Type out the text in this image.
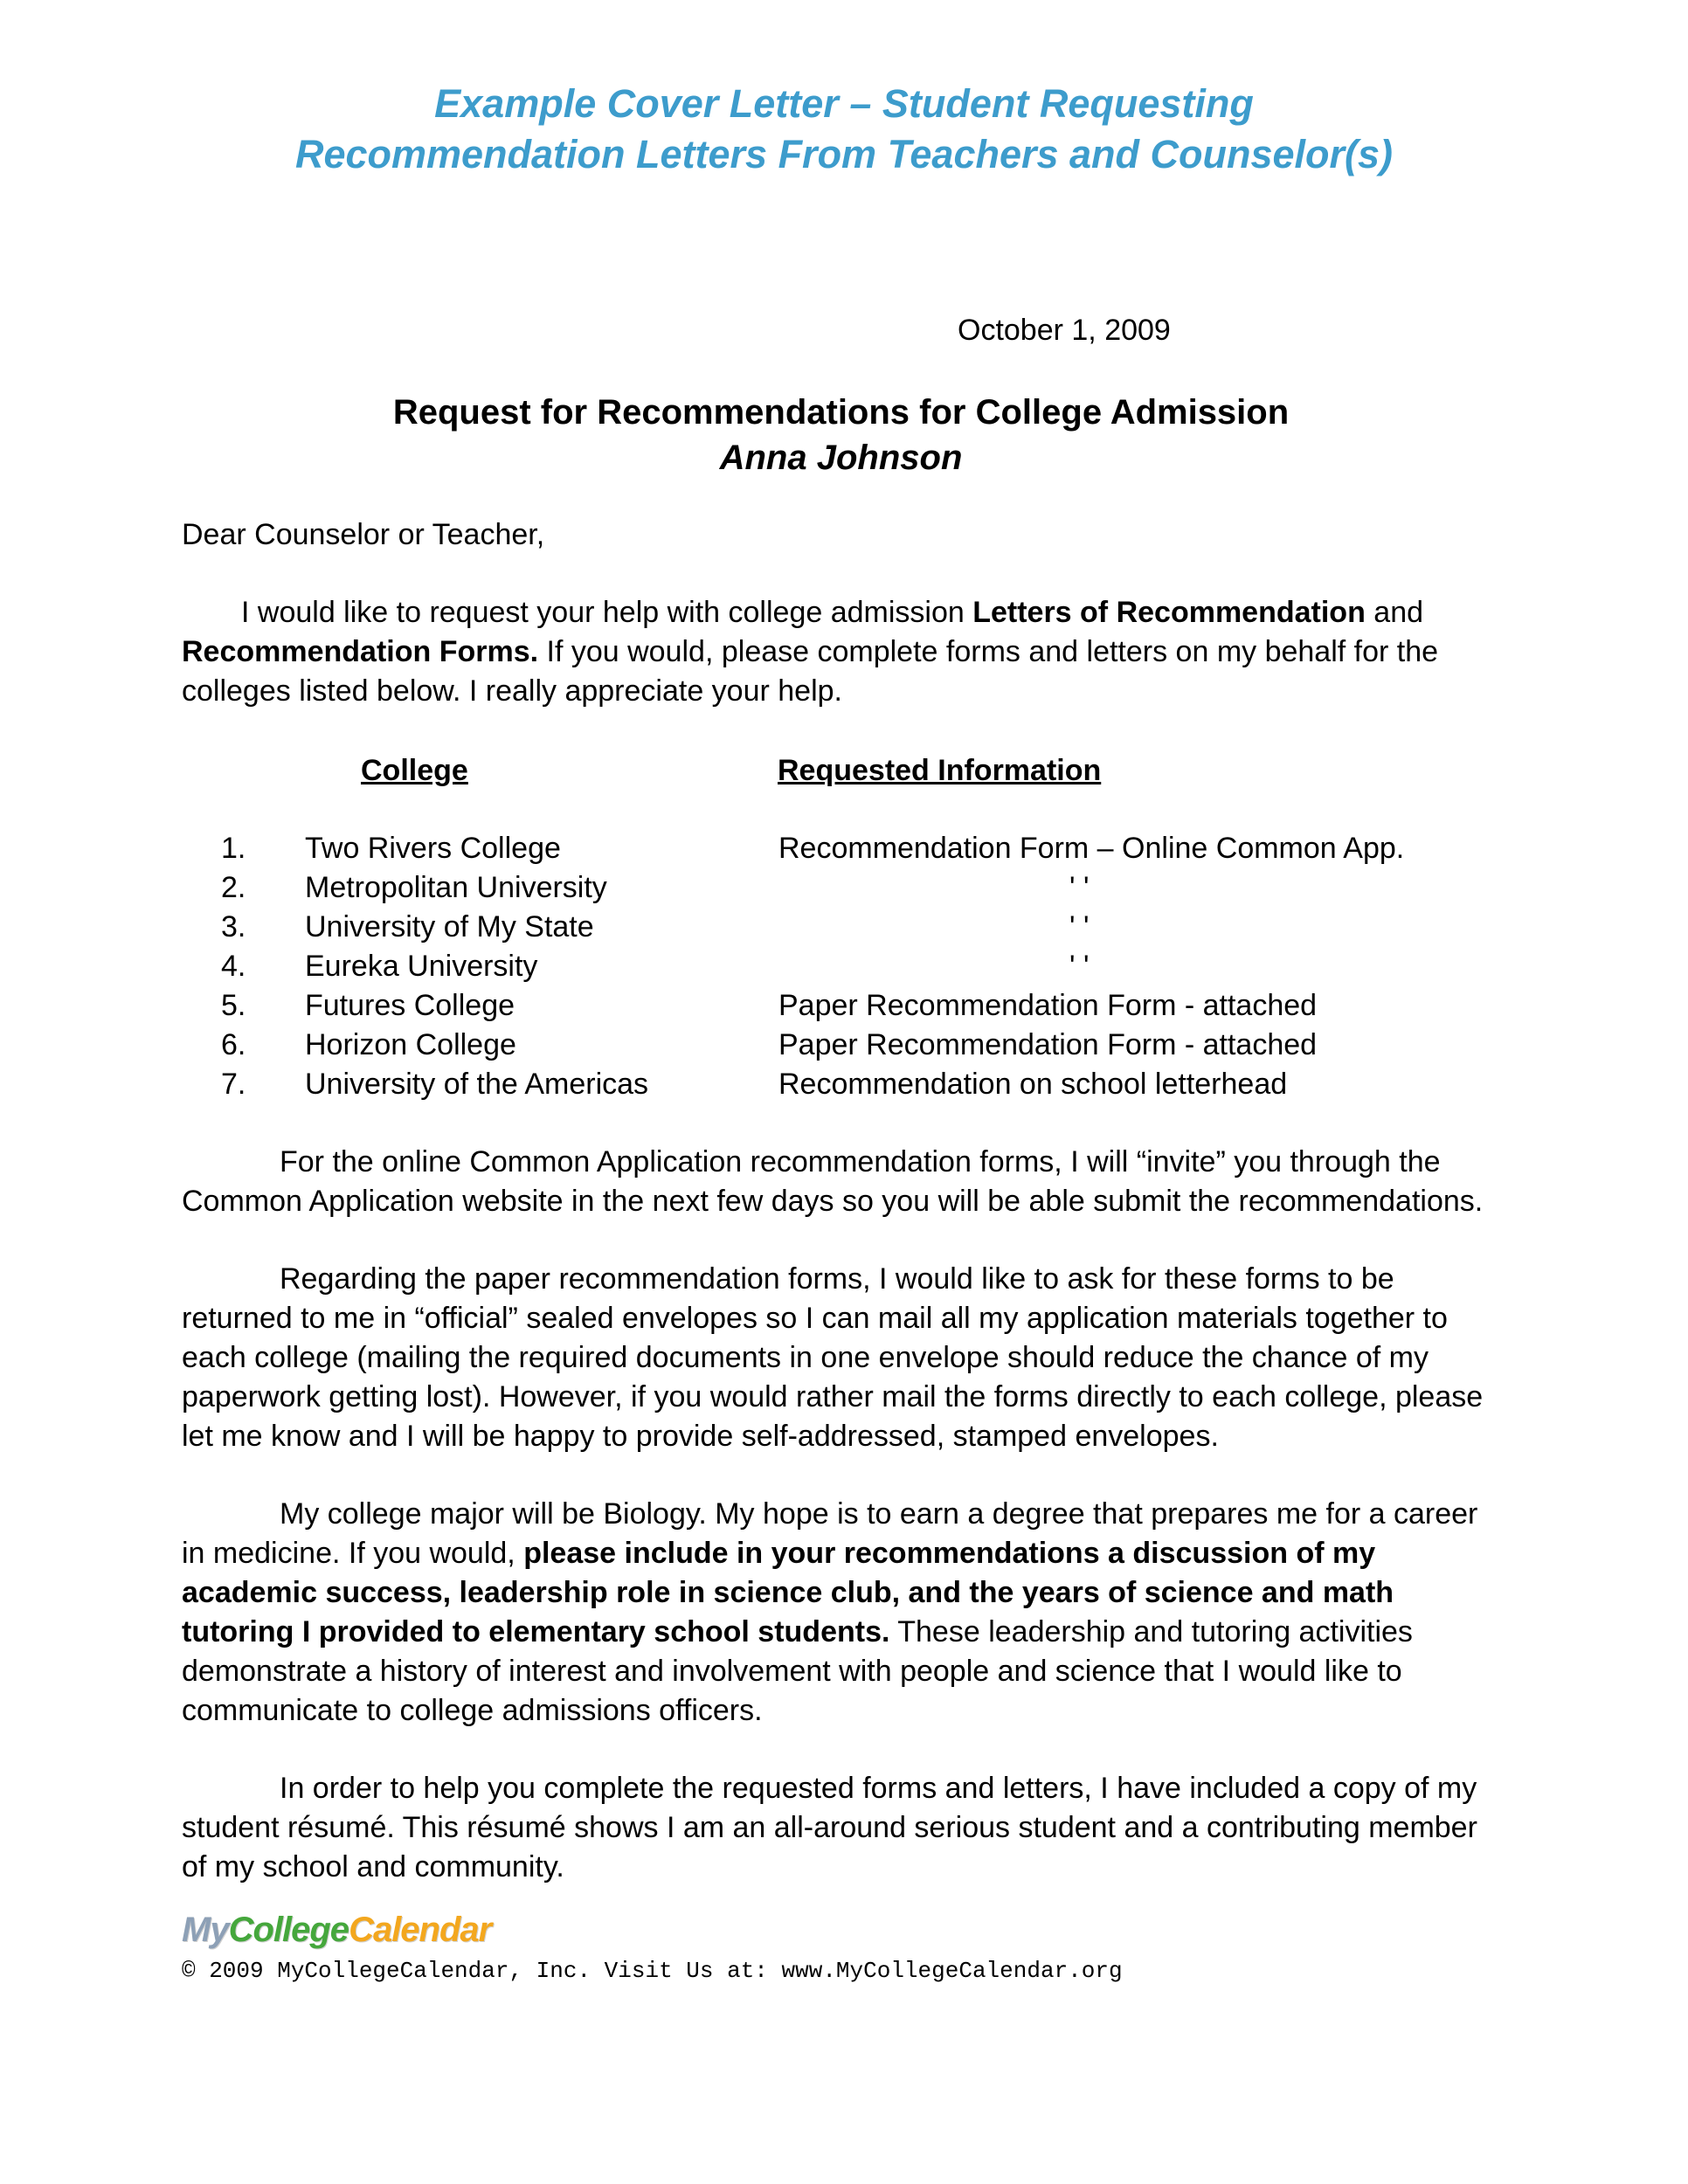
Example Cover Letter – Student Requesting
Recommendation Letters From Teachers and Counselor(s)
October 1, 2009
Request for Recommendations for College Admission
Anna Johnson
Dear Counselor or Teacher,

I would like to request your help with college admission Letters of Recommendation and Recommendation Forms. If you would, please complete forms and letters on my behalf for the colleges listed below. I really appreciate your help.

College	Requested Information
1.	Two Rivers College	Recommendation Form – Online Common App.
2.	Metropolitan University	' '
3.	University of My State	' '
4.	Eureka University	' '
5.	Futures College	Paper Recommendation Form - attached
6.	Horizon College	Paper Recommendation Form - attached
7.	University of the Americas	Recommendation on school letterhead

For the online Common Application recommendation forms, I will “invite” you through the Common Application website in the next few days so you will be able submit the recommendations.

Regarding the paper recommendation forms, I would like to ask for these forms to be returned to me in “official” sealed envelopes so I can mail all my application materials together to each college (mailing the required documents in one envelope should reduce the chance of my paperwork getting lost). However, if you would rather mail the forms directly to each college, please let me know and I will be happy to provide self-addressed, stamped envelopes.

My college major will be Biology. My hope is to earn a degree that prepares me for a career in medicine. If you would, please include in your recommendations a discussion of my academic success, leadership role in science club, and the years of science and math tutoring I provided to elementary school students. These leadership and tutoring activities demonstrate a history of interest and involvement with people and science that I would like to communicate to college admissions officers.

In order to help you complete the requested forms and letters, I have included a copy of my student résumé. This résumé shows I am an all-around serious student and a contributing member of my school and community.

MyCollegeCalendar
© 2009 MyCollegeCalendar, Inc. Visit Us at: www.MyCollegeCalendar.org
